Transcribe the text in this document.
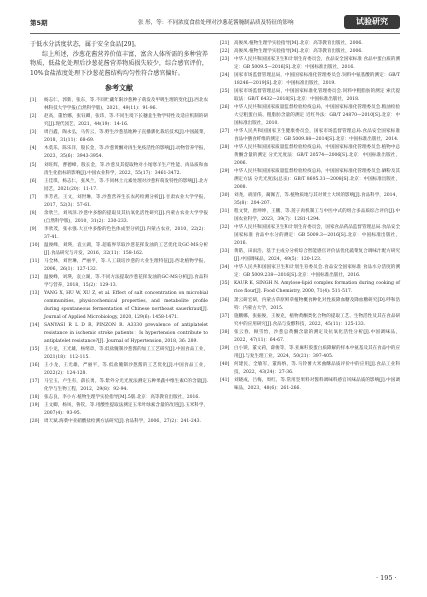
第5期	张 彤，等：不同浓度食盐处理对沙葱花酱腌制品质及特征的影响	试验研究

于低水分活度状态，属于安全食品[29]。

综上所述，沙葱花酱营养价值丰富，富含人体所需的多种营养物质，低盐化处理后沙葱花酱营养物质损失较少，综合感官评价，10%食盐浓度处理下沙葱花酱结构均匀性符合感官偏好。

参考文献
[1]	杨志仁，郭新，张东，等.不同贮藏年限沙葱种子萌发及甲吸生理的变化[J].西北农林科技大学学报(自然科学版)，2021，49(11)：91-96.
[2]	赵高，董怡娜，张钰卿，张玮，等.不同生境下长穗韭生物学特性及适应机制的研究[J].现代园艺，2021，44(19)：14-16.
[3]	周百鑫，陶永弘，马传云，等.野生沙葱基地种子直播驯化栽培技术[J].中国蔬菜，2018，31(11)：68-69.
[4]	木莫乐，陈乐洋，殷长金，等.沙葱黄酮对再生免疫活性的影响[J].动物营养学报，2023，35(6)：3943-3954.
[5]	刘旺辉，曹德峰，殷长金，等.沙葱及其提取物对小尾寒羊生产性能、肉品质和血清生化指标的影响[J].中国农业科学，2022，55(17)：3461-3472.
[6]	王佳琪，杨志仁，张凤兰，等.不同林土元素处理对沙葱籽萌发特性的影响[J].北方园艺，2021(20)：11-17.
[7]	李芳君，王文，刘世琳，等.沙葱营养生长农药检测分析[J].甘肃农业大学学报，2017，52(3)：57-61.
[8]	余欣兰，刘凤泽.沙葱中多酚的提取及其抗氧化活性研究[J].内蒙古农业大学学报(自然科学版)，2010，31(2)：230-233.
[9]	李欣茂，张永强.大豆中多酚的色色体成型分析[J].内蒙古农业，2010，22(2)：37-41.
[10]	温俊峰，刘瑛，袁立湖，等.超临界萃取沙葱花挥发油的工艺优化及GC-MS分析[J].食品研究与开发，2016，32(11)：158-162.
[11]	马全林，刘世琳，严丽平，等.人工栽培沙葱的大业生理特征[J].西北植物学报，2006，26(1)：127-132.
[12]	温俊峰，刘瑛，袁立湖，等.不同方法提取沙葱花挥发油的GC-MS分析[J].食品科学与营养，2018，15(2)：129-13.
[13]	YANG X, HU W, XU Z, et al. Effect of salt concentration on microbial communities, physicochemical properties, and metabolite profile during spontaneous fermentation of Chinese northeast sauerkraut[J]. Journal of Applied Microbiology, 2020, 129(6): 1458-1471.
[14]	SANYASI R L D R, PINZON R. A3330 prevalence of antiplatelet resistance in ischemic stroke patients：Is hypertension contribute to antiplatelet resistance?[J]. Journal of Hypertension, 2018, 36: 289.
[15]	王小龙，王光雄，杨绪章，等.低盐腌制沙葱酱的加工工艺研究[J].中国食品工业，2021(18)：112-115.
[16]	王小龙，王光雄，严丽平，等.低盐腌制沙葱酱的工艺优化[J].中国食品工业，2022(2)：124-128.
[17]	马宝玉，卢生有，薛长勇，等.紫外分光光度法测定五种果蔬中维生素C的含量[J].化学与生物工程，2012，29(8)：92-94.
[18]	张志良，李小方.植物生理学实验指导[M].5版.北京：高等教育出版社，2016.
[19]	王文卿，杨凤，鲁钦，等.用酸性提取法测定玉米叶绿素含量的改进[J].玉米科学，2007(4)：93-95.
[20]	周天斌.海菜中亚硝酸盐检测方法研究[J].食品科学，2006，27(2)：241-243.
[21]	高俊凤.植物生理学实验指导[M].北京：高等教育出版社，2006.
[22]	高俊凤.植物生理学实验指导[M].北京：高等教育出版社，2006.
[23]	中华人民共和国国家卫生和计划生育委员会，食品安全国家标准 食品中蛋白质的测定：GB 5009.5—2016[S].北京：中国标准出版社，2016.
[24]	国家市场监督管理总局，中国国家标准化管理委员会.饲料中氨基酸的测定：GB/T 18246—2019[S].北京：中国标准出版社，2019.
[25]	国家市场监督管理总局，中国国家标准化管理委员会.饲料中粗脂肪的测定 索氏提取法：GB/T 6432—2018[S].北京：中国标准出版社，2018.
[26]	中华人民共和国国家质量监督检验检疫总局，中国国家标准化管理委员会.粮油检验 大豆粗蛋白质、粗脂肪含量的测定 近红外法：GB/T 24870—2010[S].北京：中国标准出版社，2010.
[27]	中华人民共和国国家卫生健康委员会，国家市场监督管理总局.食品安全国家标准 食品中膳食纤维的测定：GB 5009.88—2014[S].北京：中国标准出版社，2014.
[28]	中华人民共和国国家质量监督检验检疫总局，中国国家标准化管理委员会.植物中总黄酮含量的测定 分光光度法：GB/T 20574—2006[S].北京：中国标准出版社，2006.
[29]	中华人民共和国国家质量监督检验检疫总局，中国国家标准化管理委员会.硒粉及其测定方法 分光光度法(总汞)：GB/T 8695.31—2008[S].北京：中国标准出版社，2008.
[30]	刘尧，胡清伟，蔺佩吉，等.植物质地与其对黄土大坝的影响[J].食品科学，2014，35(8)：204-207.
[31]	程文贤，唐坤坤，王鹏，等.莲子肉机制工与中医中式的组合多品质综合评价[J].中国农业科学，2023，39(7)：1281-1294.
[32]	中华人民共和国国家卫生和计划生育委员会，国家食品药品监督管理总局.食品安全国家标准 食品中水分的测定：GB 5009.3—2016[S].北京：中国标准出版社，2016.
[33]	黄皓，田雨浩，基于主成分分析综合智能感官评价法优化蔬菜复合调味汁配方研究[J].中国调味品，2024，49(5)：120-123.
[34]	中华人民共和国国家卫生和计划生育委员会.食品安全国家标准 食品水分活度的测定：GB 5009.238—2016[S].北京：中国标准出版社，2016.
[35]	KAUR K, SINGH N. Amylose-lipid complex formation during cooking of rice flour[J]. Food Chemistry, 2000, 71(4): 511-517.
[36]	萧云研宏研，内蒙古草原鲜草植物概食种化对性质降血糖及降血糖研究[D].呼和浩特：内蒙古大学，2015.
[37]	施鹏娜，张振俊，王俊克，植物黄酮类化合物的提取工艺、生物活性及其在食品研究中的应用研究[J].食品与发酵科技，2022，45(11)：125-133.
[38]	张云春，顾雪怡，沙葱总黄酮含量的测定及抗氧化活性分析[J].中国调味品，2022，47(11)：64-67.
[39]	白小锁，董文莉，薛俊等，等.亚麻籽胶蛋白质降解的样本中氨基及其在食品中的应用[J].与复生理工业，2024，50(21)：397-405.
[40]	何建民，全敏军，董海纳，等.马铃薯大米曲酥品质评价中的应用[J].食品工业科技，2022，43(24)：27-36.
[41]	刘晓成，吕梅，周红，等.常用坚果料对酱料调味料感官风味品质的影响[J].中国调味品，2023，48(6)：261-266.
· 195 ·
